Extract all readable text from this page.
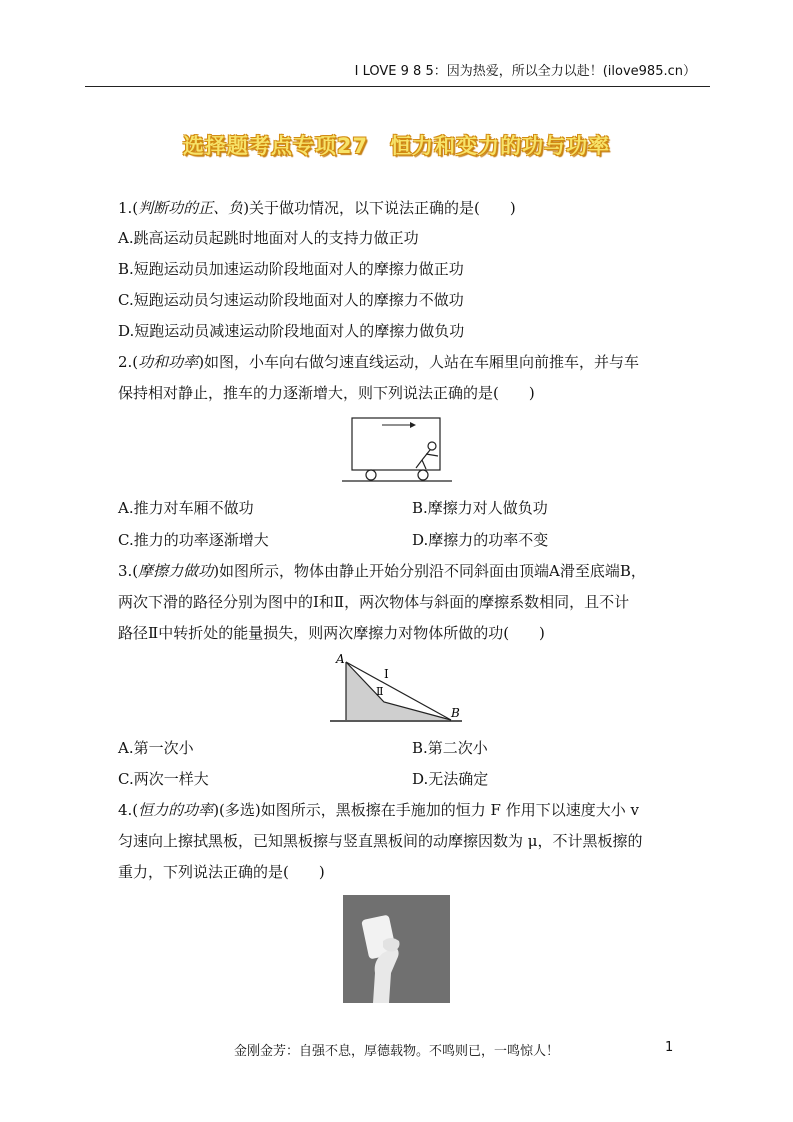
I LOVE 9 8 5：因为热爱，所以全力以赴！(ilove985.cn）
选择题考点专项27 恒力和变力的功与功率
1.(判断功的正、负)关于做功情况，以下说法正确的是(　　)
A.跳高运动员起跳时地面对人的支持力做正功
B.短跑运动员加速运动阶段地面对人的摩擦力做正功
C.短跑运动员匀速运动阶段地面对人的摩擦力不做功
D.短跑运动员减速运动阶段地面对人的摩擦力做负功
2.(功和功率)如图，小车向右做匀速直线运动，人站在车厢里向前推车，并与车
保持相对静止，推车的力逐渐增大，则下列说法正确的是(　　)
A.推力对车厢不做功	B.摩擦力对人做负功
C.推力的功率逐渐增大	D.摩擦力的功率不变
3.(摩擦力做功)如图所示，物体由静止开始分别沿不同斜面由顶端A滑至底端B，
两次下滑的路径分别为图中的Ⅰ和Ⅱ，两次物体与斜面的摩擦系数相同，且不计
路径Ⅱ中转折处的能量损失，则两次摩擦力对物体所做的功(　　)
A
B
Ⅰ
Ⅱ
A.第一次小	B.第二次小
C.两次一样大	D.无法确定
4.(恒力的功率)(多选)如图所示，黑板擦在手施加的恒力 F 作用下以速度大小 v
匀速向上擦拭黑板，已知黑板擦与竖直黑板间的动摩擦因数为 μ，不计黑板擦的
重力，下列说法正确的是(　　)
金刚金芳：自强不息，厚德载物。不鸣则已，一鸣惊人！	1
